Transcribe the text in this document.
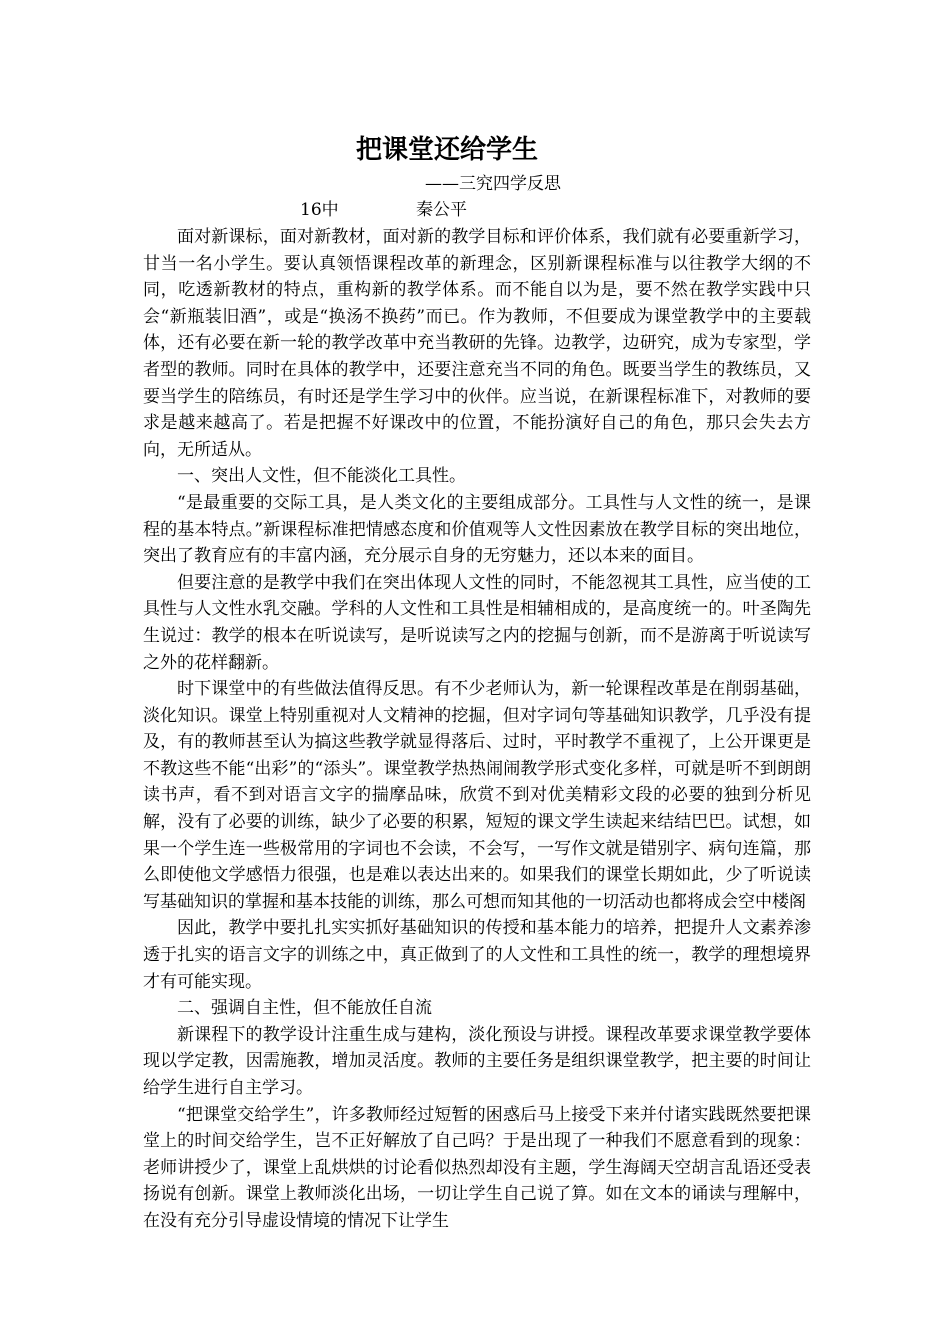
把课堂还给学生

——三究四学反思

16中	秦公平

面对新课标，面对新教材，面对新的教学目标和评价体系，我们就有必要重新学习，甘当一名小学生。要认真领悟课程改革的新理念，区别新课程标准与以往教学大纲的不同，吃透新教材的特点，重构新的教学体系。而不能自以为是，要不然在教学实践中只会“新瓶装旧酒”，或是“换汤不换药”而已。作为教师，不但要成为课堂教学中的主要载体，还有必要在新一轮的教学改革中充当教研的先锋。边教学，边研究，成为专家型，学者型的教师。同时在具体的教学中，还要注意充当不同的角色。既要当学生的教练员，又要当学生的陪练员，有时还是学生学习中的伙伴。应当说，在新课程标准下，对教师的要求是越来越高了。若是把握不好课改中的位置，不能扮演好自己的角色，那只会失去方向，无所适从。

一、突出人文性，但不能淡化工具性。

“是最重要的交际工具，是人类文化的主要组成部分。工具性与人文性的统一，是课程的基本特点。”新课程标准把情感态度和价值观等人文性因素放在教学目标的突出地位，突出了教育应有的丰富内涵，充分展示自身的无穷魅力，还以本来的面目。

但要注意的是教学中我们在突出体现人文性的同时，不能忽视其工具性，应当使的工具性与人文性水乳交融。学科的人文性和工具性是相辅相成的，是高度统一的。叶圣陶先生说过：教学的根本在听说读写，是听说读写之内的挖掘与创新，而不是游离于听说读写之外的花样翻新。

时下课堂中的有些做法值得反思。有不少老师认为，新一轮课程改革是在削弱基础，淡化知识。课堂上特别重视对人文精神的挖掘，但对字词句等基础知识教学，几乎没有提及，有的教师甚至认为搞这些教学就显得落后、过时，平时教学不重视了，上公开课更是不教这些不能“出彩”的“添头”。课堂教学热热闹闹教学形式变化多样，可就是听不到朗朗读书声，看不到对语言文字的揣摩品味，欣赏不到对优美精彩文段的必要的独到分析见解，没有了必要的训练，缺少了必要的积累，短短的课文学生读起来结结巴巴。试想，如果一个学生连一些极常用的字词也不会读，不会写，一写作文就是错别字、病句连篇，那么即使他文学感悟力很强，也是难以表达出来的。如果我们的课堂长期如此，少了听说读写基础知识的掌握和基本技能的训练，那么可想而知其他的一切活动也都将成会空中楼阁

因此，教学中要扎扎实实抓好基础知识的传授和基本能力的培养，把提升人文素养渗透于扎实的语言文字的训练之中，真正做到了的人文性和工具性的统一，教学的理想境界才有可能实现。

二、强调自主性，但不能放任自流

新课程下的教学设计注重生成与建构，淡化预设与讲授。课程改革要求课堂教学要体现以学定教，因需施教，增加灵活度。教师的主要任务是组织课堂教学，把主要的时间让给学生进行自主学习。

“把课堂交给学生”，许多教师经过短暂的困惑后马上接受下来并付诸实践既然要把课堂上的时间交给学生，岂不正好解放了自己吗？于是出现了一种我们不愿意看到的现象：老师讲授少了，课堂上乱烘烘的讨论看似热烈却没有主题，学生海阔天空胡言乱语还受表扬说有创新。课堂上教师淡化出场，一切让学生自己说了算。如在文本的诵读与理解中，在没有充分引导虚设情境的情况下让学生
